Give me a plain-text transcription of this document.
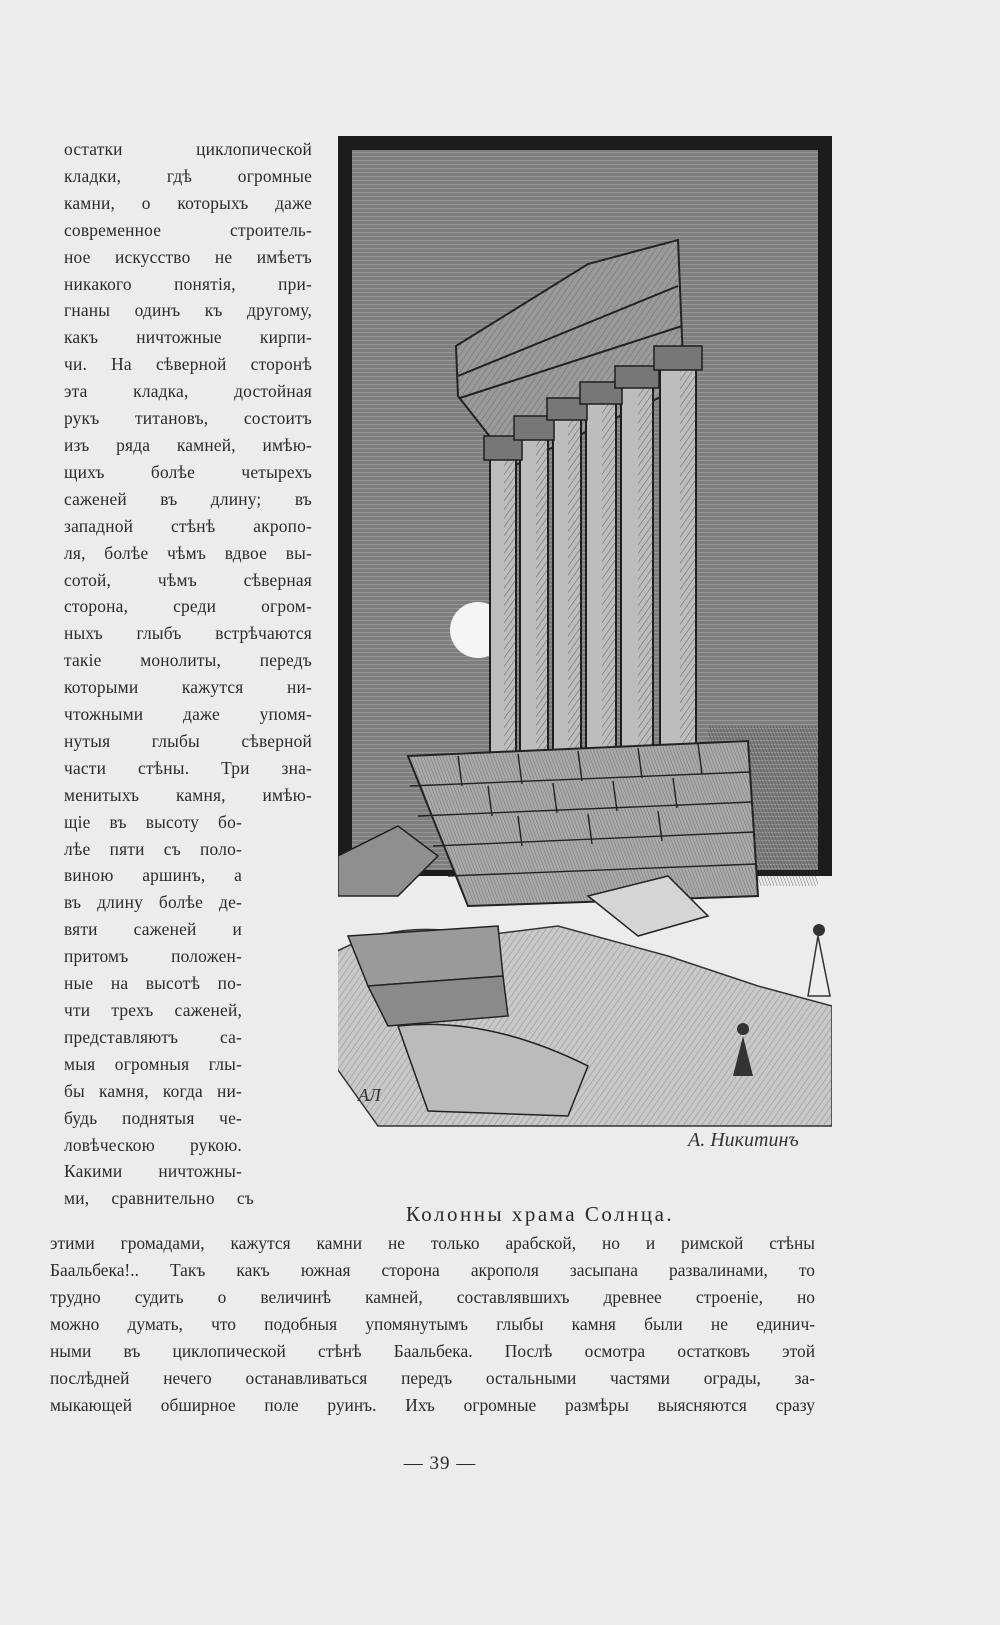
остатки циклопической
кладки, гдѣ огромные
камни, о которыхъ даже
современное строитель-
ное искусство не имѣетъ
никакого понятія, при-
гнаны одинъ къ другому,
какъ ничтожные кирпи-
чи. На сѣверной сторонѣ
эта кладка, достойная
рукъ титановъ, состоитъ
изъ ряда камней, имѣю-
щихъ болѣе четырехъ
саженей въ длину; въ
западной стѣнѣ акропо-
ля, болѣе чѣмъ вдвое вы-
сотой, чѣмъ сѣверная
сторона, среди огром-
ныхъ глыбъ встрѣчаются
такіе монолиты, передъ
которыми кажутся ни-
чтожными даже упомя-
нутыя глыбы сѣверной
части стѣны. Три зна-
менитыхъ камня, имѣю-
щіе въ высоту бо-
лѣе пяти съ поло-
виною аршинъ, а
въ длину болѣе де-
вяти саженей и
притомъ положен-
ные на высотѣ по-
чти трехъ саженей,
представляютъ са-
мыя огромныя глы-
бы камня, когда ни-
будь поднятыя че-
ловѣческою рукою.
Какими ничтожны-
ми, сравнительно съ
АЛ
А. Никитинъ
Колонны храма Солнца.
этими громадами, кажутся камни не только арабской, но и римской стѣны
Баальбека!.. Такъ какъ южная сторона акрополя засыпана развалинами, то
трудно судить о величинѣ камней, составлявшихъ древнее строеніе, но
можно думать, что подобныя упомянутымъ глыбы камня были не единич-
ными въ циклопической стѣнѣ Баальбека. Послѣ осмотра остатковъ этой
послѣдней нечего останавливаться передъ остальными частями ограды, за-
мыкающей обширное поле руинъ. Ихъ огромные размѣры выясняются сразу
— 39 —
